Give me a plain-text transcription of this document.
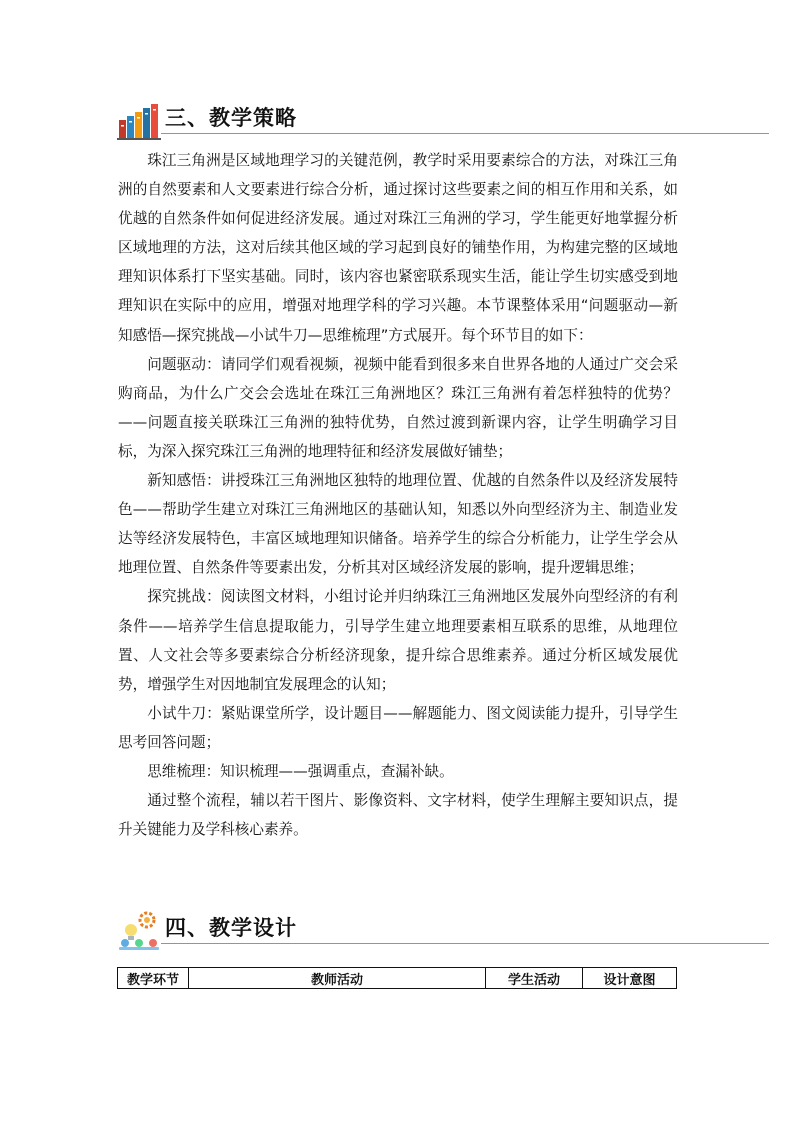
三、教学策略

珠江三角洲是区域地理学习的关键范例，教学时采用要素综合的方法，对珠江三角洲的自然要素和人文要素进行综合分析，通过探讨这些要素之间的相互作用和关系，如优越的自然条件如何促进经济发展。通过对珠江三角洲的学习，学生能更好地掌握分析区域地理的方法，这对后续其他区域的学习起到良好的铺垫作用，为构建完整的区域地理知识体系打下坚实基础。同时，该内容也紧密联系现实生活，能让学生切实感受到地理知识在实际中的应用，增强对地理学科的学习兴趣。本节课整体采用“问题驱动—新知感悟—探究挑战—小试牛刀—思维梳理”方式展开。每个环节目的如下：

问题驱动：请同学们观看视频，视频中能看到很多来自世界各地的人通过广交会采购商品，为什么广交会会选址在珠江三角洲地区？珠江三角洲有着怎样独特的优势？——问题直接关联珠江三角洲的独特优势，自然过渡到新课内容，让学生明确学习目标，为深入探究珠江三角洲的地理特征和经济发展做好铺垫；

新知感悟：讲授珠江三角洲地区独特的地理位置、优越的自然条件以及经济发展特色——帮助学生建立对珠江三角洲地区的基础认知，知悉以外向型经济为主、制造业发达等经济发展特色，丰富区域地理知识储备。培养学生的综合分析能力，让学生学会从地理位置、自然条件等要素出发，分析其对区域经济发展的影响，提升逻辑思维；

探究挑战：阅读图文材料，小组讨论并归纳珠江三角洲地区发展外向型经济的有利条件——培养学生信息提取能力，引导学生建立地理要素相互联系的思维，从地理位置、人文社会等多要素综合分析经济现象，提升综合思维素养。通过分析区域发展优势，增强学生对因地制宜发展理念的认知；

小试牛刀：紧贴课堂所学，设计题目——解题能力、图文阅读能力提升，引导学生思考回答问题；

思维梳理：知识梳理——强调重点，查漏补缺。

通过整个流程，辅以若干图片、影像资料、文字材料，使学生理解主要知识点，提升关键能力及学科核心素养。

四、教学设计
教学环节	教师活动	学生活动	设计意图
